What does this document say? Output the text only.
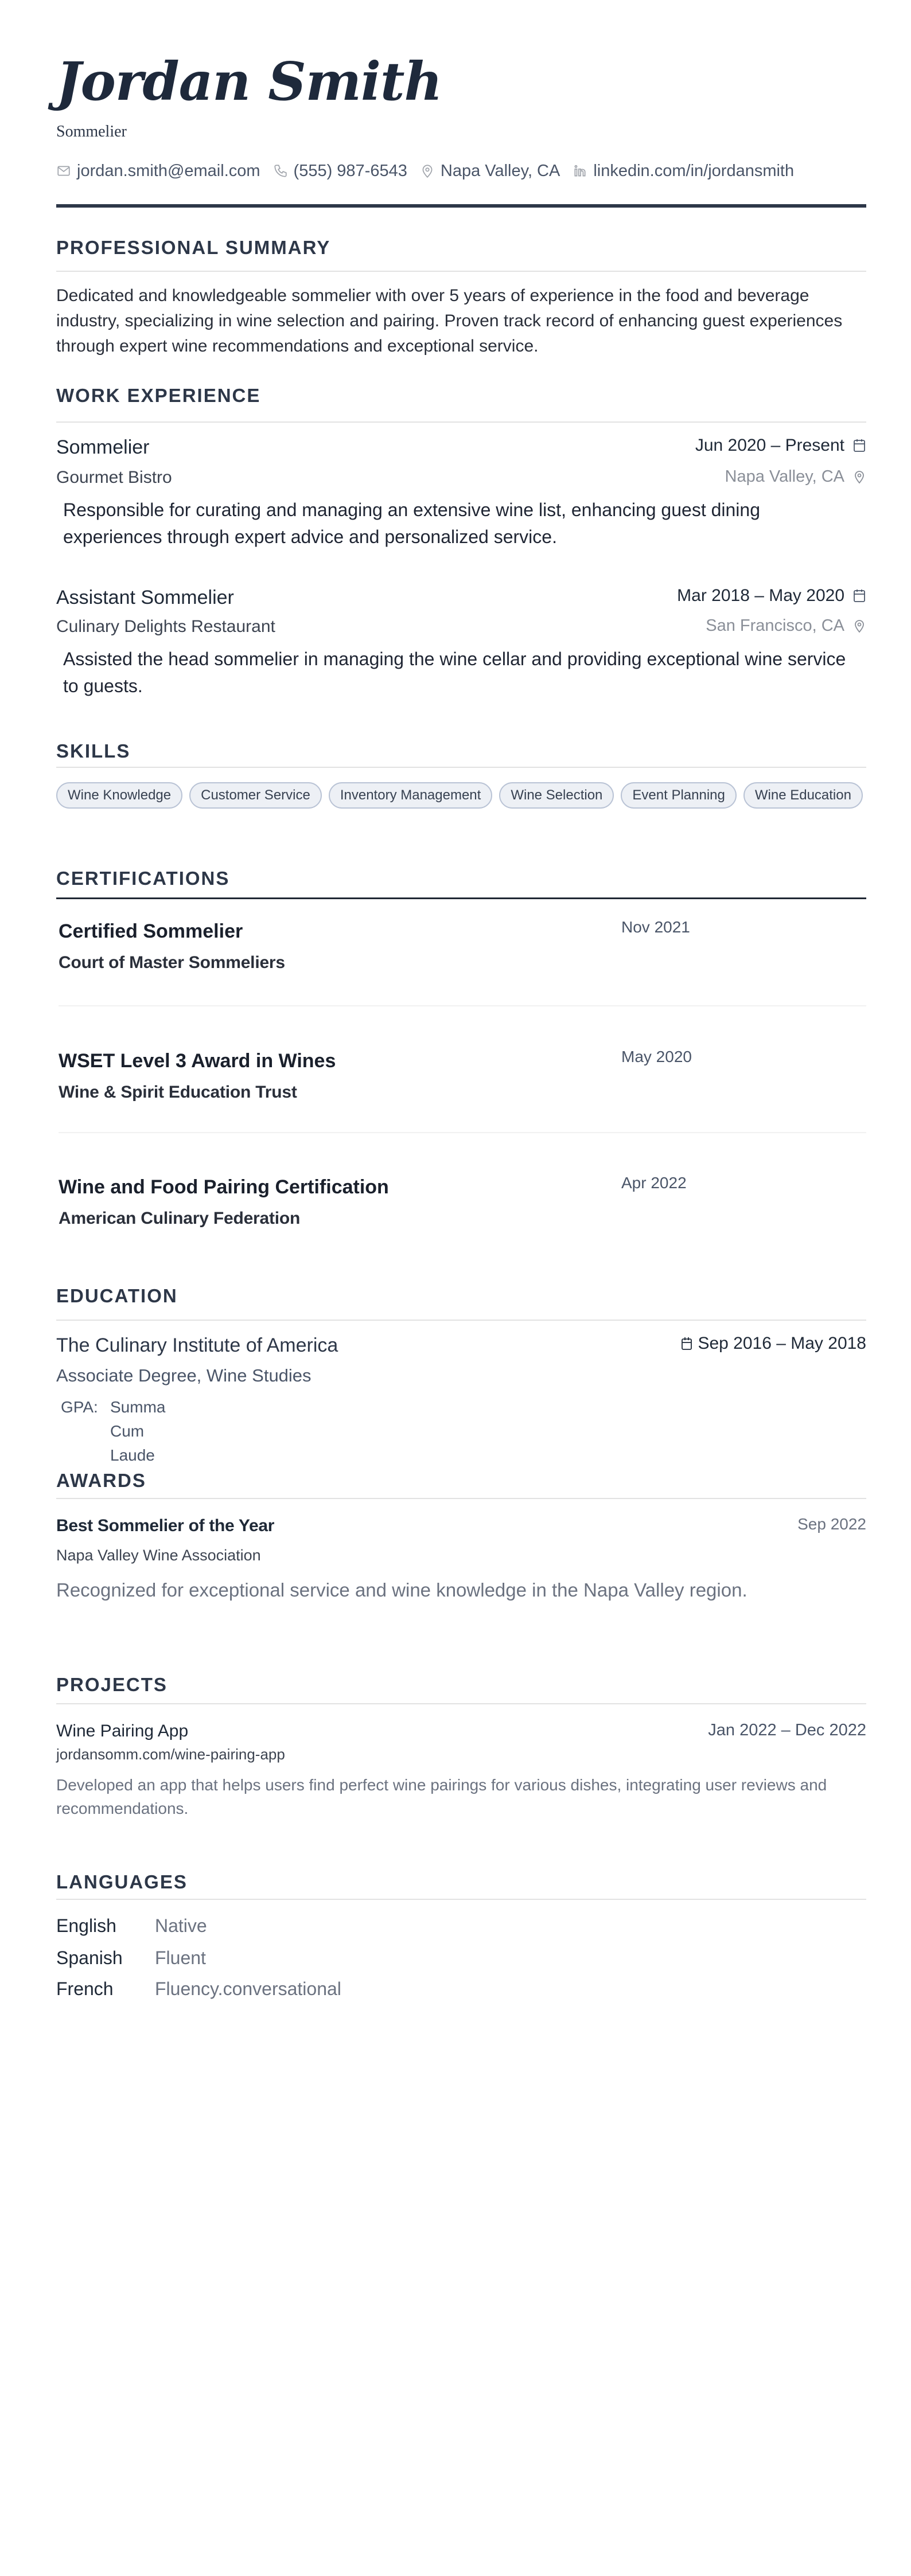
Jordan Smith
Sommelier
jordan.smith@email.com (555) 987-6543 Napa Valley, CA linkedin.com/in/jordansmith
PROFESSIONAL SUMMARY

Dedicated and knowledgeable sommelier with over 5 years of experience in the food and beverage industry, specializing in wine selection and pairing. Proven track record of enhancing guest experiences through expert wine recommendations and exceptional service.

WORK EXPERIENCE
Sommelier	Jun 2020 – Present
Gourmet Bistro	Napa Valley, CA

Responsible for curating and managing an extensive wine list, enhancing guest dining experiences through expert advice and personalized service.

Assistant Sommelier	Mar 2018 – May 2020
Culinary Delights Restaurant	San Francisco, CA

Assisted the head sommelier in managing the wine cellar and providing exceptional wine service to guests.

SKILLS
Wine Knowledge	Customer Service	Inventory Management	Wine Selection	Event Planning	Wine Education
CERTIFICATIONS
Certified Sommelier	Nov 2021
Court of Master Sommeliers
WSET Level 3 Award in Wines	May 2020
Wine & Spirit Education Trust
Wine and Food Pairing Certification	Apr 2022
American Culinary Federation
EDUCATION
The Culinary Institute of America	Sep 2016 – May 2018
Associate Degree, Wine Studies
GPA: Summa Cum Laude
AWARDS
Best Sommelier of the Year	Sep 2022
Napa Valley Wine Association
Recognized for exceptional service and wine knowledge in the Napa Valley region.
PROJECTS
Wine Pairing App	Jan 2022 – Dec 2022
jordansomm.com/wine-pairing-app

Developed an app that helps users find perfect wine pairings for various dishes, integrating user reviews and recommendations.

LANGUAGES
English	Native
Spanish	Fluent
French	Fluency.conversational
